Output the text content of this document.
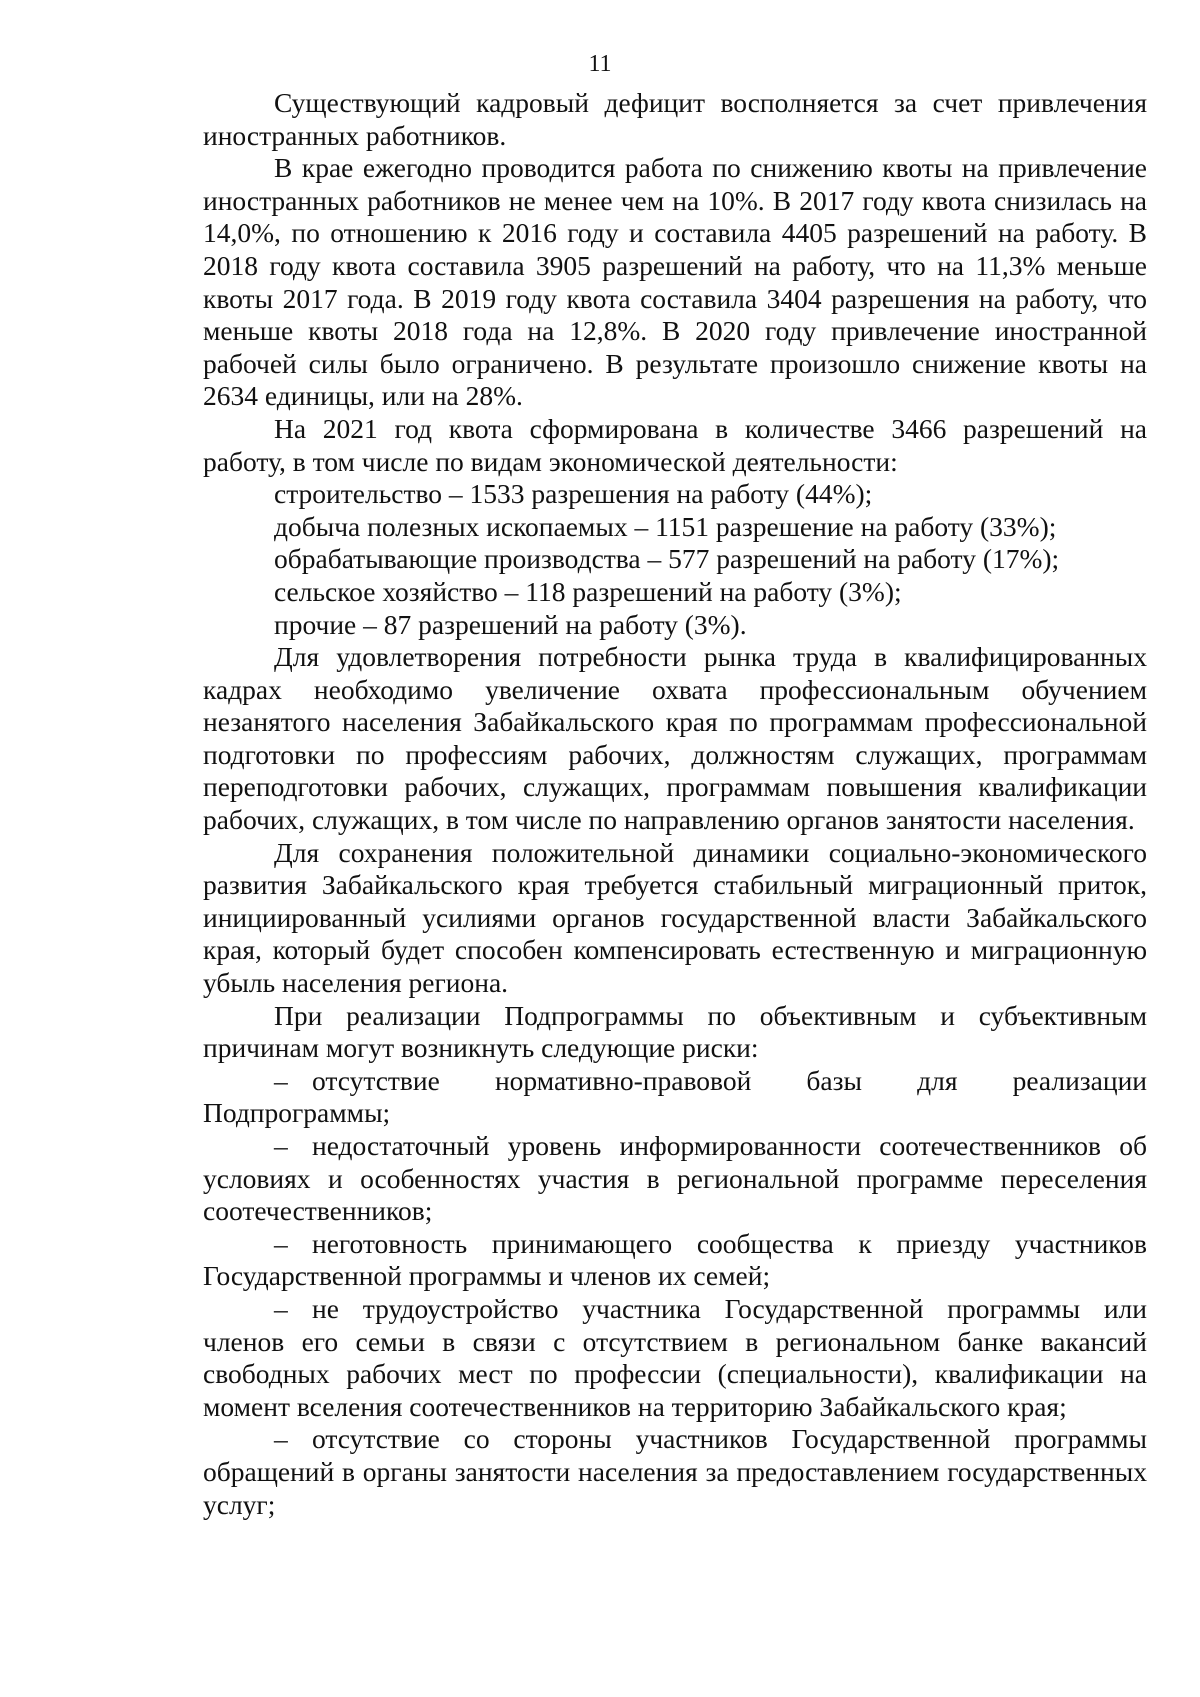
11

Существующий кадровый дефицит восполняется за счет привлечения иностранных работников.

В крае ежегодно проводится работа по снижению квоты на привлечение иностранных работников не менее чем на 10%. В 2017 году квота снизилась на 14,0%, по отношению к 2016 году и составила 4405 разрешений на работу. В 2018 году квота составила 3905 разрешений на работу, что на 11,3% меньше квоты 2017 года. В 2019 году квота составила 3404 разрешения на работу, что меньше квоты 2018 года на 12,8%. В 2020 году привлечение иностранной рабочей силы было ограничено. В результате произошло снижение квоты на 2634 единицы, или на 28%.

На 2021 год квота сформирована в количестве 3466 разрешений на работу, в том числе по видам экономической деятельности:

строительство – 1533 разрешения на работу (44%);

добыча полезных ископаемых – 1151 разрешение на работу (33%);

обрабатывающие производства – 577 разрешений на работу (17%);

сельское хозяйство – 118 разрешений на работу (3%);

прочие – 87 разрешений на работу (3%).

Для удовлетворения потребности рынка труда в квалифицированных кадрах необходимо увеличение охвата профессиональным обучением незанятого населения Забайкальского края по программам профессиональной подготовки по профессиям рабочих, должностям служащих, программам переподготовки рабочих, служащих, программам повышения квалификации рабочих, служащих, в том числе по направлению органов занятости населения.

Для сохранения положительной динамики социально-экономического развития Забайкальского края требуется стабильный миграционный приток, инициированный усилиями органов государственной власти Забайкальского края, который будет способен компенсировать естественную и миграционную убыль населения региона.

При реализации Подпрограммы по объективным и субъективным причинам могут возникнуть следующие риски:

– отсутствие нормативно-правовой базы для реализации Подпрограммы;

– недостаточный уровень информированности соотечественников об условиях и особенностях участия в региональной программе переселения соотечественников;

– неготовность принимающего сообщества к приезду участников Государственной программы и членов их семей;

– не трудоустройство участника Государственной программы или членов его семьи в связи с отсутствием в региональном банке вакансий свободных рабочих мест по профессии (специальности), квалификации на момент вселения соотечественников на территорию Забайкальского края;

– отсутствие со стороны участников Государственной программы обращений в органы занятости населения за предоставлением государственных услуг;
